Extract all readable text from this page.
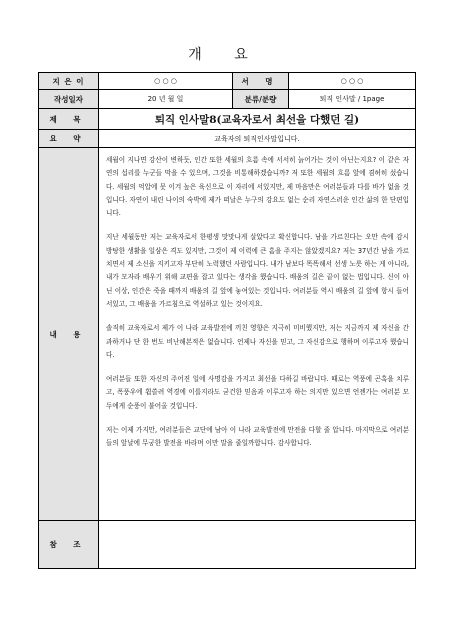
개 요
지 은 이	○ ○ ○	서 명	○ ○ ○
작성일자	20 년 월 일	분류/분량	퇴직 인사말 / 1page
제 목	퇴직 인사말8(교육자로서 최선을 다했던 길)		
요 약	교육자의 퇴직인사말입니다.		
내 용	세월이 지나면 강산이 변하듯, 인간 또한 세월의 흐름 속에 서서히 늙어가는 것이 아닌는지요? 이 같은 자연의 섭리를 누군들 막을 수 있으며, 그것을 비통해하겠습니까? 저 또한 세월의 흐름 앞에 겸허히 섰습니다. 세월의 억압에 못 이겨 높은 육신으로 이 자리에 서있지만, 제 마음만은 여러분들과 다를 바가 없을 것입니다. 자연이 내린 나이의 숙박에 제가 떠날은 누구의 강요도 없는 순리 자연스러운 인간 삶의 한 단편입니다.

지난 세월동안 저는 교육자로서 한평생 맛맛나게 살았다고 확신합니다. 남을 가르친다는 오만 속에 감시 방탕한 생활을 일삼은 격도 있지만, 그것이 제 이력에 큰 흠을 주지는 않았겠지요? 저는 37년간 남을 가르치면서 제 소신을 지키고자 부단히 노력했던 사람입니다. 내가 남보다 똑똑해서 선생 노릇 하는 게 아니라, 내가 모자라 배우기 위해 교편을 잡고 있다는 생각을 했습니다. 배움의 길은 끝이 없는 법입니다. 신이 아닌 이상, 인간은 죽을 때까지 배움의 길 앞에 놓여있는 것입니다. 여러분들 역시 배움의 길 앞에 항시 들어서있고, 그 배움을 가르침으로 역설하고 있는 것이지요.

솔직히 교육자로서 제가 이 나라 교육발전에 끼친 영향은 지극히 미비했지만, 저는 지금까지 제 자신을 간과하거나 단 한 번도 비난해본적은 없습니다. 언제나 자신을 믿고, 그 자신감으로 행하며 이루고자 했습니다.

여러분들 또한 자신의 주어진 일에 사명감을 가지고 최선을 다하길 바랍니다. 때로는 역풍에 곤혹을 치루고, 폭풍우에 휩쓸려 역경에 이를지라도 굳건한 믿음과 이루고자 하는 의지만 있으면 언젠가는 여러분 모두에게 순풍이 불어올 것입니다.

저는 이제 가지만, 여러분들은 교단에 남아 이 나라 교육발전에 만전을 다할 줄 압니다. 마지막으로 여러분들의 앞날에 무궁한 발전을 바라며 이만 말을 줄일까합니다. 감사합니다.		

참 조			
